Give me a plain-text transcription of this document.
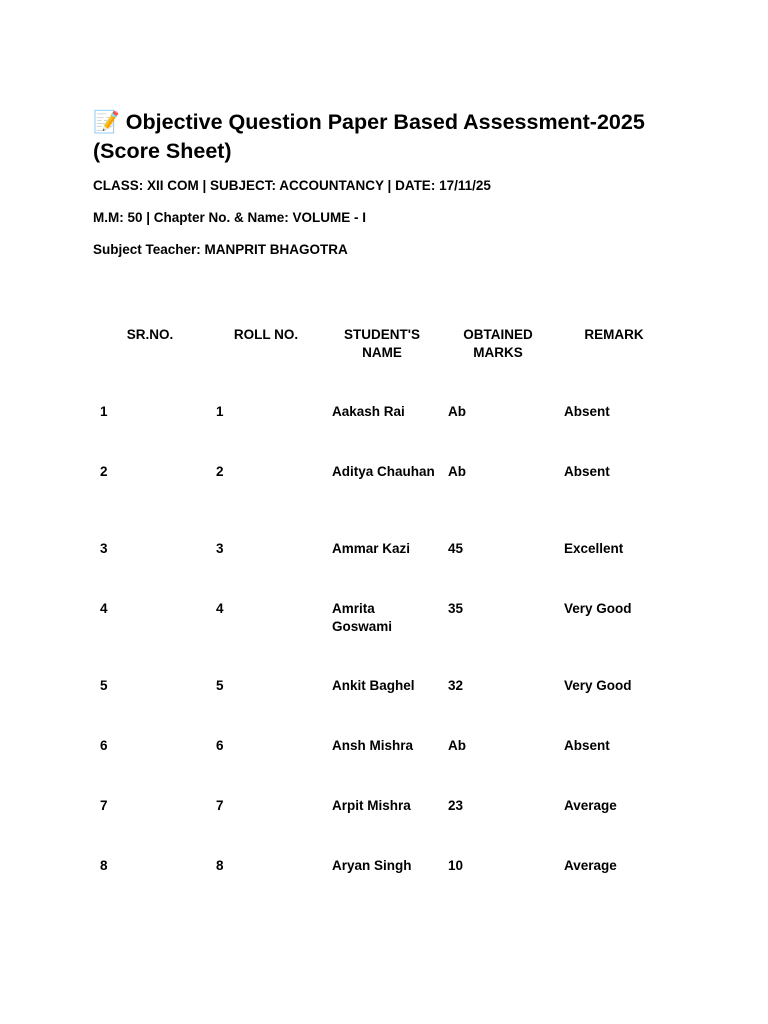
📝 Objective Question Paper Based Assessment-2025 (Score Sheet)

CLASS: XII COM | SUBJECT: ACCOUNTANCY | DATE: 17/11/25

M.M: 50 | Chapter No. & Name: VOLUME - I

Subject Teacher: MANPRIT BHAGOTRA

SR.NO.	ROLL NO.	STUDENT'S NAME	OBTAINED MARKS	REMARK
1	1	Aakash Rai	Ab	Absent
2	2	Aditya Chauhan	Ab	Absent
3	3	Ammar Kazi	45	Excellent
4	4	Amrita Goswami	35	Very Good
5	5	Ankit Baghel	32	Very Good
6	6	Ansh Mishra	Ab	Absent
7	7	Arpit Mishra	23	Average
8	8	Aryan Singh	10	Average
